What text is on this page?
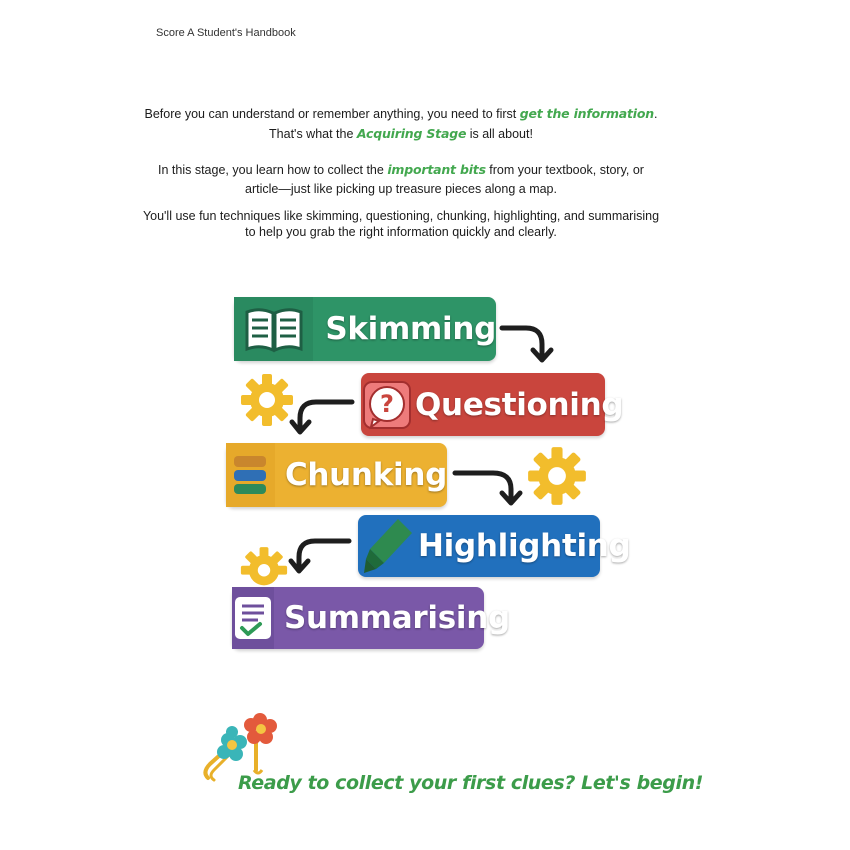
Score A Student's Handbook
Before you can understand or remember anything, you need to first get the information.
That's what the Acquiring Stage is all about!
In this stage, you learn how to collect the important bits from your textbook, story, or article—just like picking up treasure pieces along a map.
You'll use fun techniques like skimming, questioning, chunking, highlighting, and summarising to help you grab the right information quickly and clearly.
Skimming
? Questioning
Chunking
Highlighting
Summarising
Ready to collect your first clues? Let's begin!
